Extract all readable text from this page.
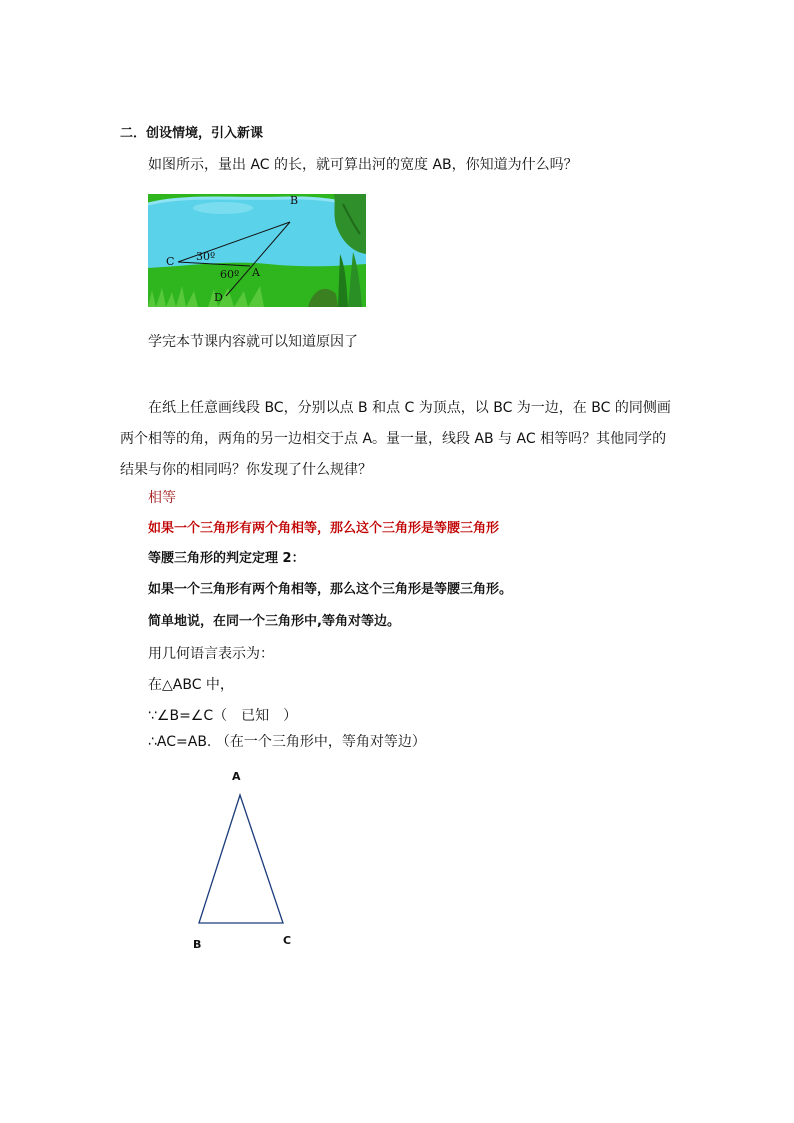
二．创设情境，引入新课
如图所示，量出 AC 的长，就可算出河的宽度 AB，你知道为什么吗？
B
C
A
D
30º
60º
学完本节课内容就可以知道原因了
在纸上任意画线段 BC，分别以点 B 和点 C 为顶点，以 BC 为一边，在 BC 的同侧画两个相等的角，两角的另一边相交于点 A。量一量，线段 AB 与 AC 相等吗？其他同学的结果与你的相同吗？你发现了什么规律？
相等
如果一个三角形有两个角相等，那么这个三角形是等腰三角形
等腰三角形的判定定理 2：
如果一个三角形有两个角相等，那么这个三角形是等腰三角形。
简单地说，在同一个三角形中,等角对等边。
用几何语言表示为：
在△ABC 中，
∵∠B=∠C（　已知　）
∴AC=AB. （在一个三角形中，等角对等边）
A
B	C
